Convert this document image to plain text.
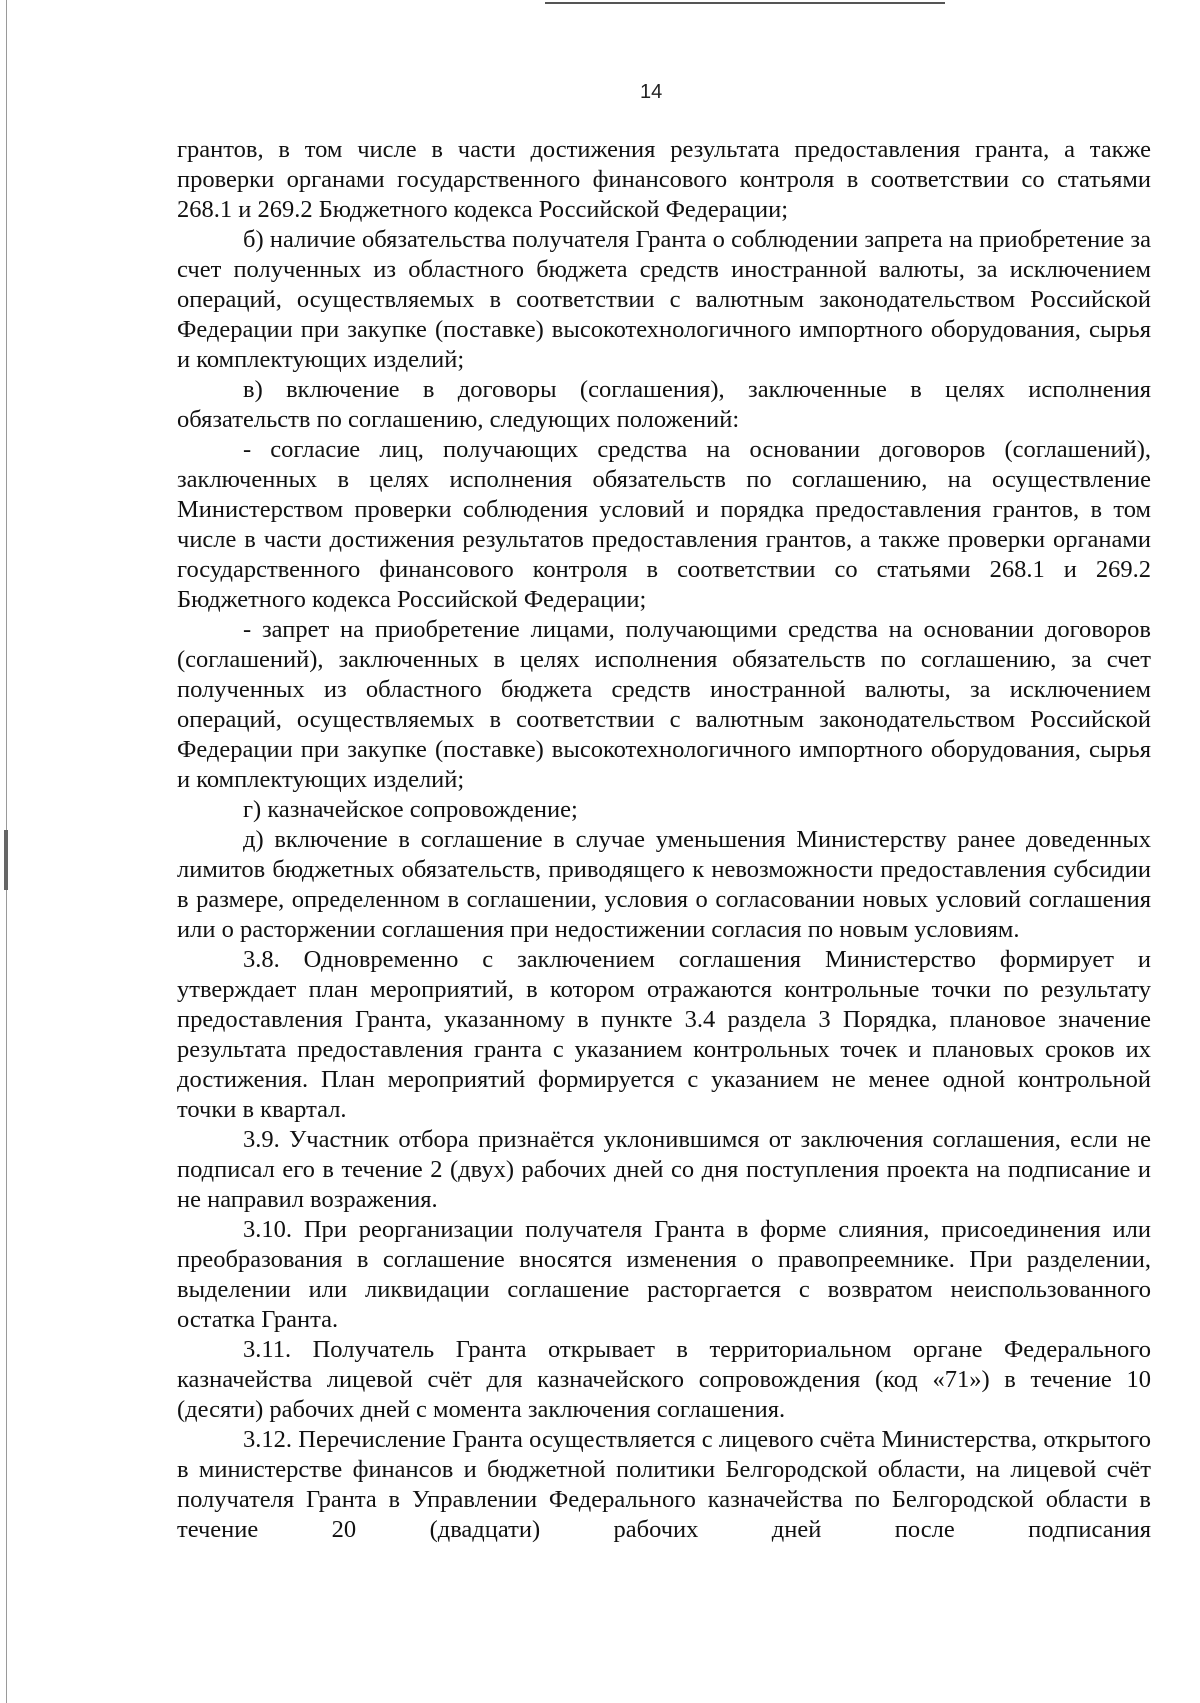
14

грантов, в том числе в части достижения результата предоставления гранта, а также проверки органами государственного финансового контроля в соответствии со статьями 268.1 и 269.2 Бюджетного кодекса Российской Федерации;

б) наличие обязательства получателя Гранта о соблюдении запрета на приобретение за счет полученных из областного бюджета средств иностранной валюты, за исключением операций, осуществляемых в соответствии с валютным законодательством Российской Федерации при закупке (поставке) высокотехнологичного импортного оборудования, сырья и комплектующих изделий;

в) включение в договоры (соглашения), заключенные в целях исполнения обязательств по соглашению, следующих положений:

- согласие лиц, получающих средства на основании договоров (соглашений), заключенных в целях исполнения обязательств по соглашению, на осуществление Министерством проверки соблюдения условий и порядка предоставления грантов, в том числе в части достижения результатов предоставления грантов, а также проверки органами государственного финансового контроля в соответствии со статьями 268.1 и 269.2 Бюджетного кодекса Российской Федерации;

- запрет на приобретение лицами, получающими средства на основании договоров (соглашений), заключенных в целях исполнения обязательств по соглашению, за счет полученных из областного бюджета средств иностранной валюты, за исключением операций, осуществляемых в соответствии с валютным законодательством Российской Федерации при закупке (поставке) высокотехнологичного импортного оборудования, сырья и комплектующих изделий;

г) казначейское сопровождение;

д) включение в соглашение в случае уменьшения Министерству ранее доведенных лимитов бюджетных обязательств, приводящего к невозможности предоставления субсидии в размере, определенном в соглашении, условия о согласовании новых условий соглашения или о расторжении соглашения при недостижении согласия по новым условиям.

3.8. Одновременно с заключением соглашения Министерство формирует и утверждает план мероприятий, в котором отражаются контрольные точки по результату предоставления Гранта, указанному в пункте 3.4 раздела 3 Порядка, плановое значение результата предоставления гранта с указанием контрольных точек и плановых сроков их достижения. План мероприятий формируется с указанием не менее одной контрольной точки в квартал.

3.9. Участник отбора признаётся уклонившимся от заключения соглашения, если не подписал его в течение 2 (двух) рабочих дней со дня поступления проекта на подписание и не направил возражения.

3.10. При реорганизации получателя Гранта в форме слияния, присоединения или преобразования в соглашение вносятся изменения о правопреемнике. При разделении, выделении или ликвидации соглашение расторгается с возвратом неиспользованного остатка Гранта.

3.11. Получатель Гранта открывает в территориальном органе Федерального казначейства лицевой счёт для казначейского сопровождения (код «71») в течение 10 (десяти) рабочих дней с момента заключения соглашения.

3.12. Перечисление Гранта осуществляется с лицевого счёта Министерства, открытого в министерстве финансов и бюджетной политики Белгородской области, на лицевой счёт получателя Гранта в Управлении Федерального казначейства по Белгородской области в течение 20 (двадцати) рабочих дней после подписания
